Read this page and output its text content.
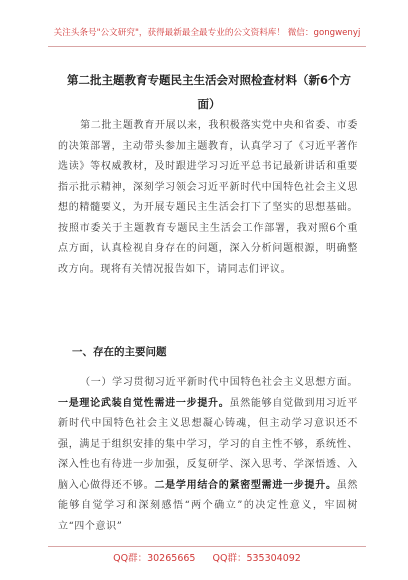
关注头条号"公文研究"，获得最新最全最专业的公文资料库！ 微信：gongwenyj
第二批主题教育专题民主生活会对照检查材料（新6个方面）
第二批主题教育开展以来，我积极落实党中央和省委、市委的决策部署，主动带头参加主题教育，认真学习了《习近平著作选读》等权威教材，及时跟进学习习近平总书记最新讲话和重要指示批示精神，深刻学习领会习近平新时代中国特色社会主义思想的精髓要义，为开展专题民主生活会打下了坚实的思想基础。按照市委关于主题教育专题民主生活会工作部署，我对照6个重点方面，认真检视自身存在的问题，深入分析问题根源，明确整改方向。现将有关情况报告如下，请同志们评议。
一、存在的主要问题
（一）学习贯彻习近平新时代中国特色社会主义思想方面。一是理论武装自觉性需进一步提升。虽然能够自觉做到用习近平新时代中国特色社会主义思想凝心铸魂，但主动学习意识还不强，满足于组织安排的集中学习，学习的自主性不够，系统性、深入性也有待进一步加强，反复研学、深入思考、学深悟透、入脑入心做得还不够。二是学用结合的紧密型需进一步提升。虽然能够自觉学习和深刻感悟“两个确立”的决定性意义，牢固树立“四个意识”
QQ群：30265665 QQ群：535304092
